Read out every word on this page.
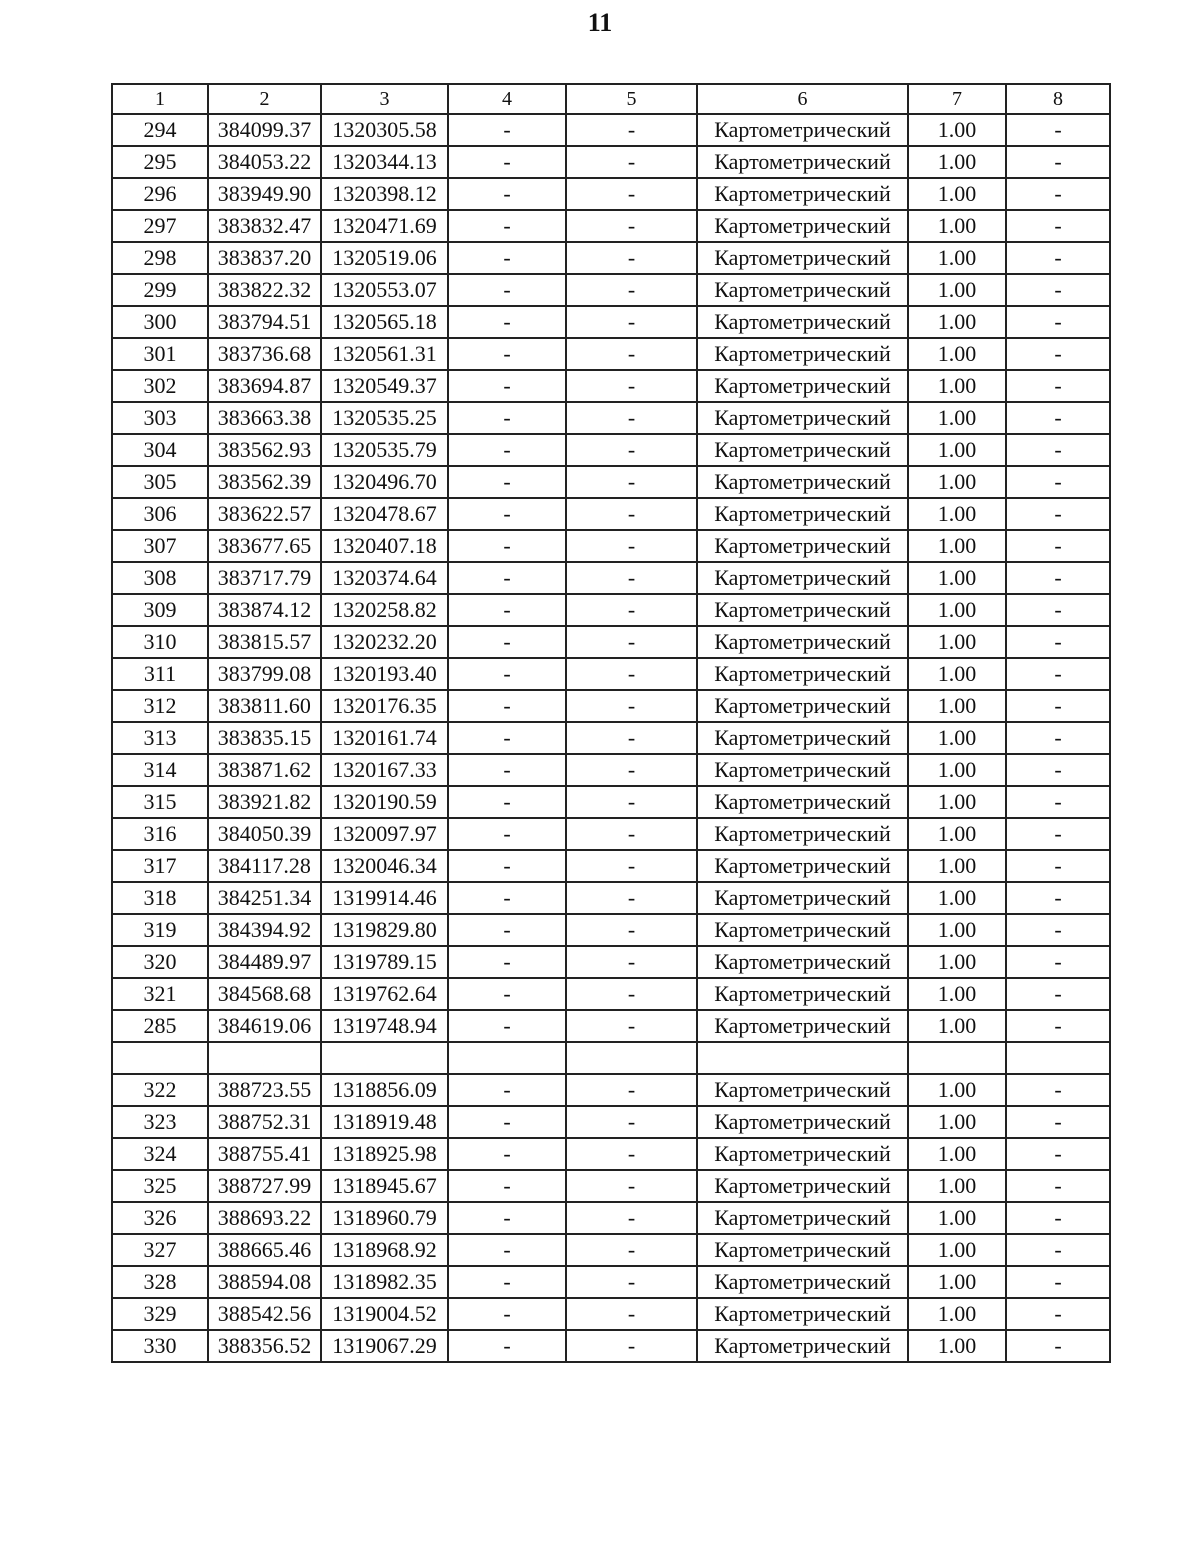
11
1	2	3	4	5	6	7	8
294	384099.37	1320305.58	-	-	Картометрический	1.00	-
295	384053.22	1320344.13	-	-	Картометрический	1.00	-
296	383949.90	1320398.12	-	-	Картометрический	1.00	-
297	383832.47	1320471.69	-	-	Картометрический	1.00	-
298	383837.20	1320519.06	-	-	Картометрический	1.00	-
299	383822.32	1320553.07	-	-	Картометрический	1.00	-
300	383794.51	1320565.18	-	-	Картометрический	1.00	-
301	383736.68	1320561.31	-	-	Картометрический	1.00	-
302	383694.87	1320549.37	-	-	Картометрический	1.00	-
303	383663.38	1320535.25	-	-	Картометрический	1.00	-
304	383562.93	1320535.79	-	-	Картометрический	1.00	-
305	383562.39	1320496.70	-	-	Картометрический	1.00	-
306	383622.57	1320478.67	-	-	Картометрический	1.00	-
307	383677.65	1320407.18	-	-	Картометрический	1.00	-
308	383717.79	1320374.64	-	-	Картометрический	1.00	-
309	383874.12	1320258.82	-	-	Картометрический	1.00	-
310	383815.57	1320232.20	-	-	Картометрический	1.00	-
311	383799.08	1320193.40	-	-	Картометрический	1.00	-
312	383811.60	1320176.35	-	-	Картометрический	1.00	-
313	383835.15	1320161.74	-	-	Картометрический	1.00	-
314	383871.62	1320167.33	-	-	Картометрический	1.00	-
315	383921.82	1320190.59	-	-	Картометрический	1.00	-
316	384050.39	1320097.97	-	-	Картометрический	1.00	-
317	384117.28	1320046.34	-	-	Картометрический	1.00	-
318	384251.34	1319914.46	-	-	Картометрический	1.00	-
319	384394.92	1319829.80	-	-	Картометрический	1.00	-
320	384489.97	1319789.15	-	-	Картометрический	1.00	-
321	384568.68	1319762.64	-	-	Картометрический	1.00	-
285	384619.06	1319748.94	-	-	Картометрический	1.00	-

322	388723.55	1318856.09	-	-	Картометрический	1.00	-
323	388752.31	1318919.48	-	-	Картометрический	1.00	-
324	388755.41	1318925.98	-	-	Картометрический	1.00	-
325	388727.99	1318945.67	-	-	Картометрический	1.00	-
326	388693.22	1318960.79	-	-	Картометрический	1.00	-
327	388665.46	1318968.92	-	-	Картометрический	1.00	-
328	388594.08	1318982.35	-	-	Картометрический	1.00	-
329	388542.56	1319004.52	-	-	Картометрический	1.00	-
330	388356.52	1319067.29	-	-	Картометрический	1.00	-
